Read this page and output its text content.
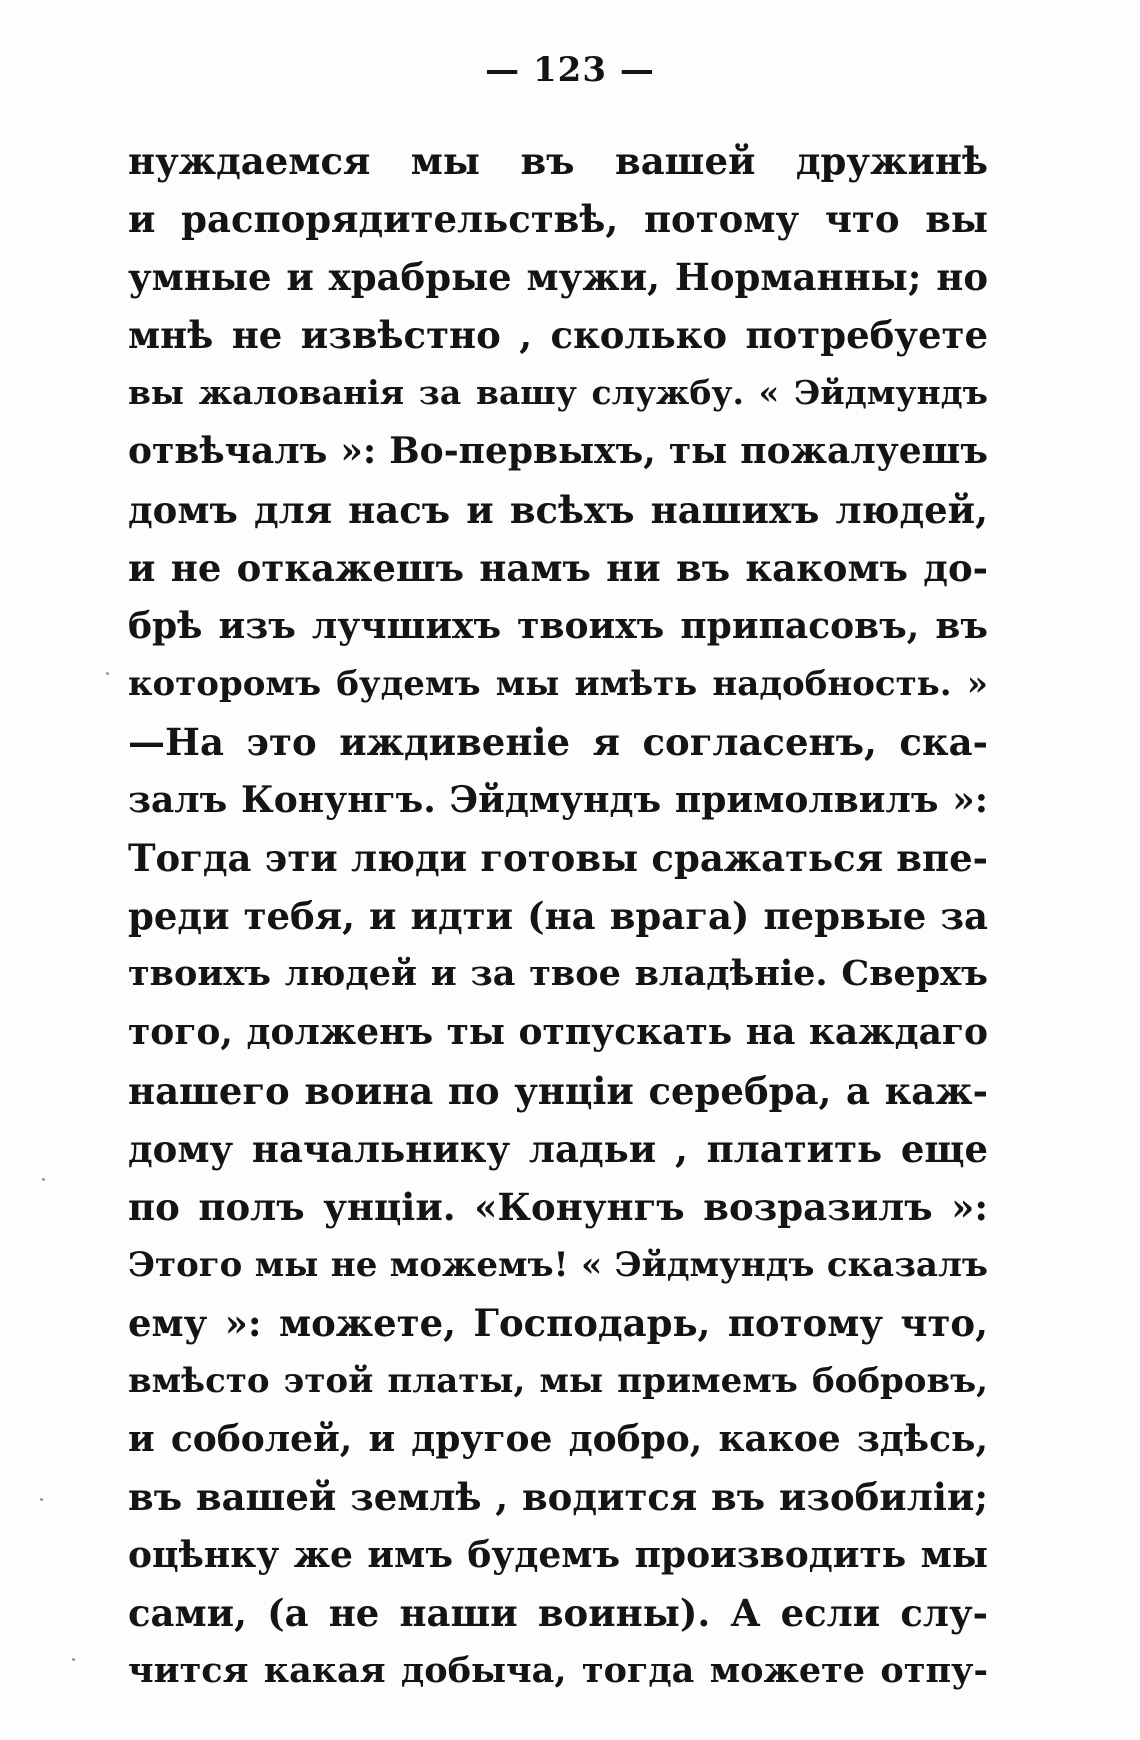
— 123 —
нуждаемся мы въ вашей дружинѣ
и распорядительствѣ, потому что вы
умные и храбрые мужи, Норманны; но
мнѣ не извѣстно , сколько потребуете
вы жалованія за вашу службу. « Эйдмундъ
отвѣчалъ »: Во-первыхъ, ты пожалуешъ
домъ для насъ и всѣхъ нашихъ людей,
и не откажешъ намъ ни въ какомъ до-
брѣ изъ лучшихъ твоихъ припасовъ, въ
которомъ будемъ мы имѣть надобность. »
—На это иждивеніе я согласенъ, ска-
залъ Конунгъ. Эйдмундъ примолвилъ »:
Тогда эти люди готовы сражаться впе-
реди тебя, и идти (на врага) первые за
твоихъ людей и за твое владѣніе. Сверхъ
того, долженъ ты отпускать на каждаго
нашего воина по унціи серебра, а каж-
дому начальнику ладьи , платить еще
по полъ унціи. «Конунгъ возразилъ »:
Этого мы не можемъ! « Эйдмундъ сказалъ
ему »: можете, Господарь, потому что,
вмѣсто этой платы, мы примемъ бобровъ,
и соболей, и другое добро, какое здѣсь,
въ вашей землѣ , водится въ изобиліи;
оцѣнку же имъ будемъ производить мы
сами, (а не наши воины). А если слу-
чится какая добыча, тогда можете отпу-
